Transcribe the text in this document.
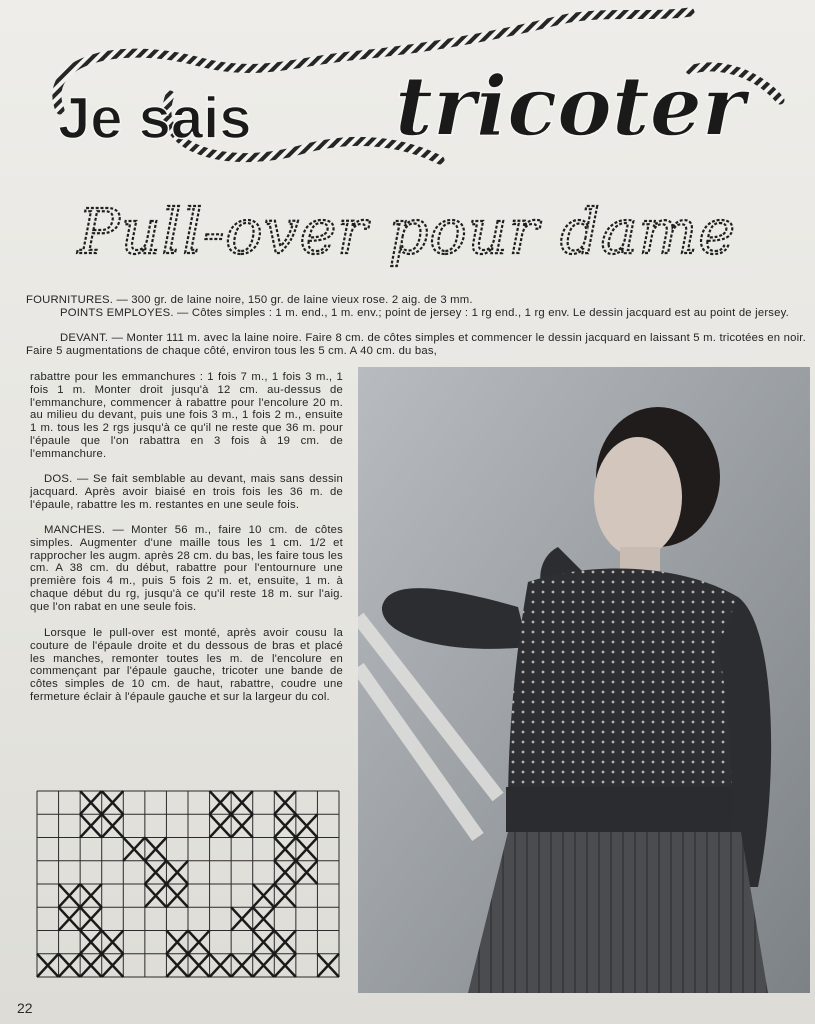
Je sais tricoter
Pull-over pour dame

FOURNITURES. — 300 gr. de laine noire, 150 gr. de laine vieux rose. 2 aig. de 3 mm.

POINTS EMPLOYES. — Côtes simples : 1 m. end., 1 m. env.; point de jersey : 1 rg end., 1 rg env. Le dessin jacquard est au point de jersey.

DEVANT. — Monter 111 m. avec la laine noire. Faire 8 cm. de côtes simples et commencer le dessin jacquard en laissant 5 m. tricotées en noir. Faire 5 augmentations de chaque côté, environ tous les 5 cm. A 40 cm. du bas,

rabattre pour les emmanchures : 1 fois 7 m., 1 fois 3 m., 1 fois 1 m. Monter droit jusqu'à 12 cm. au-dessus de l'emmanchure, commencer à rabattre pour l'encolure 20 m. au milieu du devant, puis une fois 3 m., 1 fois 2 m., ensuite 1 m. tous les 2 rgs jusqu'à ce qu'il ne reste que 36 m. pour l'épaule que l'on rabattra en 3 fois à 19 cm. de l'emmanchure.

DOS. — Se fait semblable au devant, mais sans dessin jacquard. Après avoir biaisé en trois fois les 36 m. de l'épaule, rabattre les m. restantes en une seule fois.

MANCHES. — Monter 56 m., faire 10 cm. de côtes simples. Augmenter d'une maille tous les 1 cm. 1/2 et rapprocher les augm. après 28 cm. du bas, les faire tous les cm. A 38 cm. du début, rabattre pour l'entournure une première fois 4 m., puis 5 fois 2 m. et, ensuite, 1 m. à chaque début du rg, jusqu'à ce qu'il reste 18 m. sur l'aig. que l'on rabat en une seule fois.

Lorsque le pull-over est monté, après avoir cousu la couture de l'épaule droite et du dessous de bras et placé les manches, remonter toutes les m. de l'encolure en commençant par l'épaule gauche, tricoter une bande de côtes simples de 10 cm. de haut, rabattre, coudre une fermeture éclair à l'épaule gauche et sur la largeur du col.

22
